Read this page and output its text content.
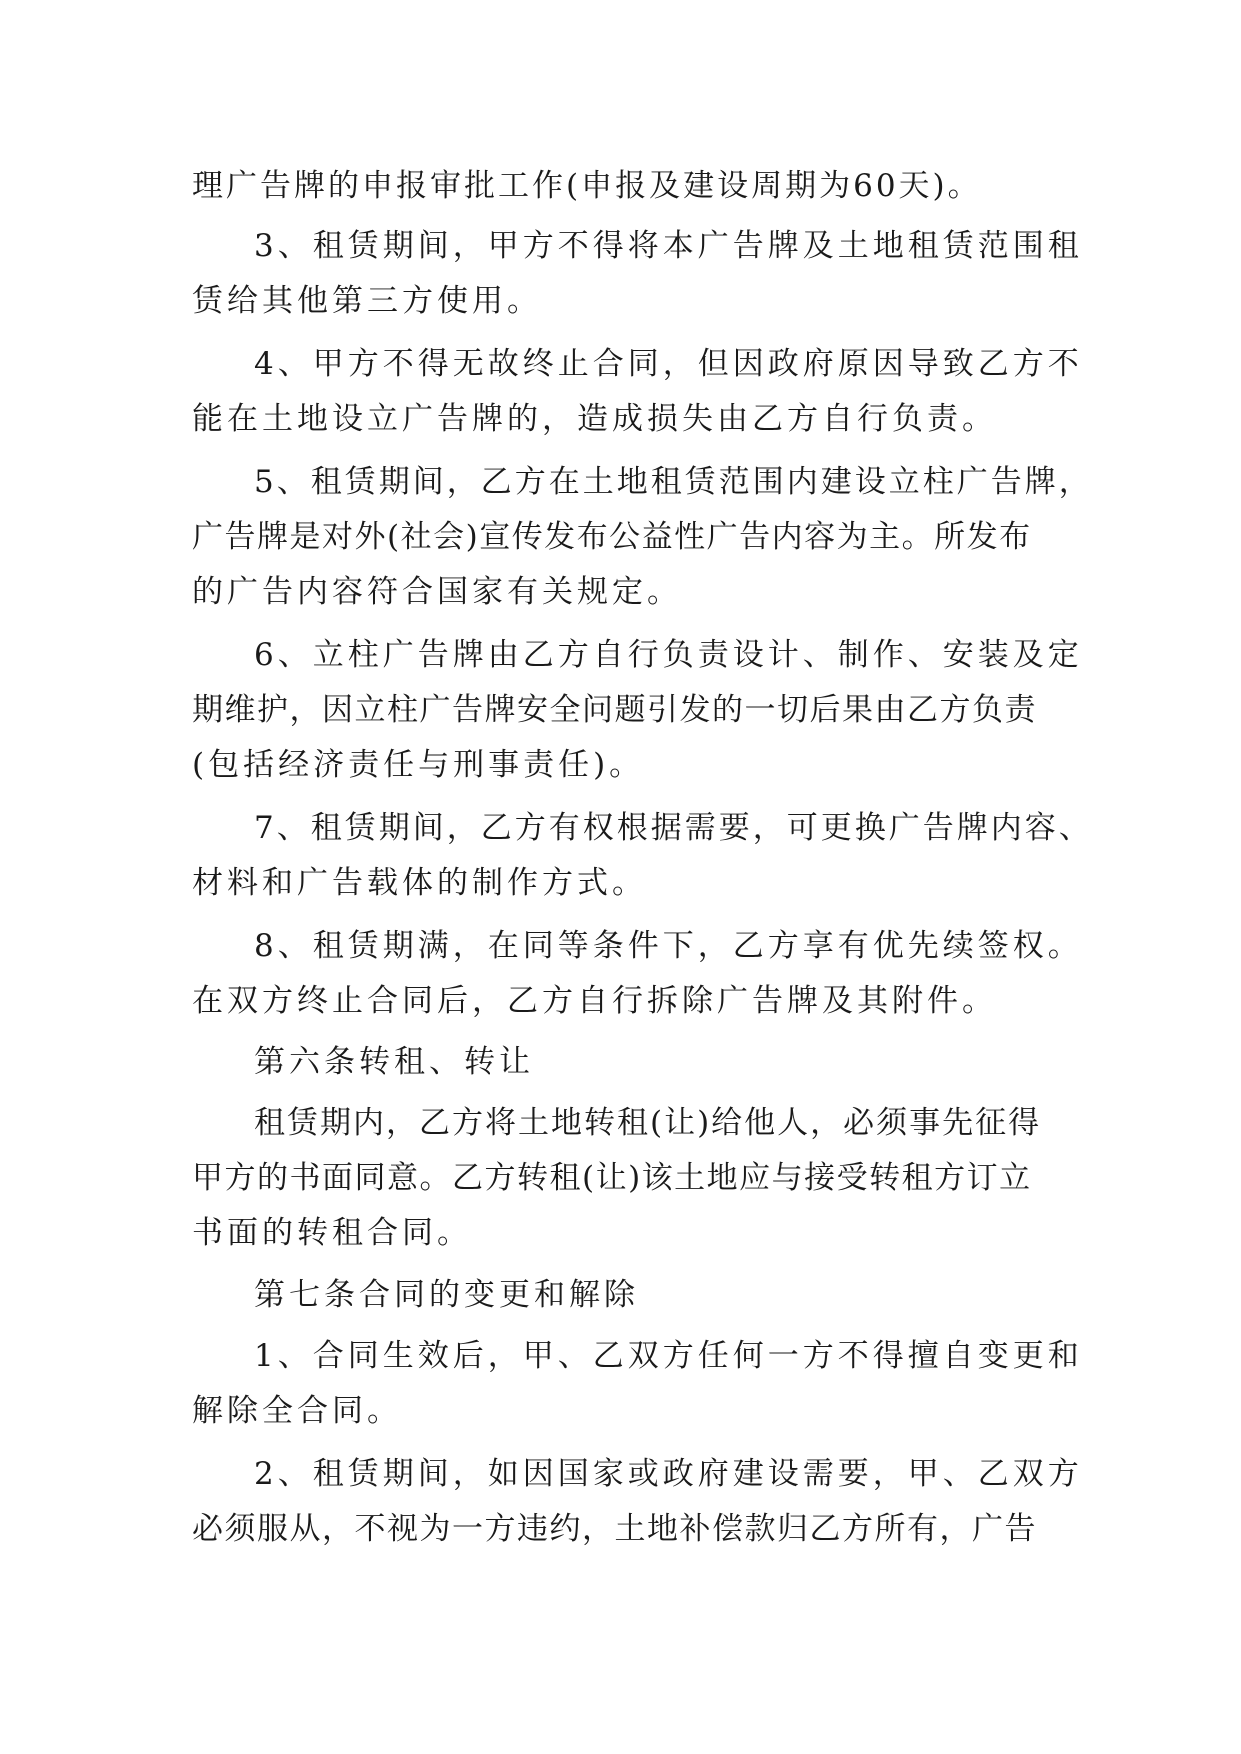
理广告牌的申报审批工作(申报及建设周期为60天)。
3、租赁期间，甲方不得将本广告牌及土地租赁范围租
赁给其他第三方使用。
4、甲方不得无故终止合同，但因政府原因导致乙方不
能在土地设立广告牌的，造成损失由乙方自行负责。
5、租赁期间，乙方在土地租赁范围内建设立柱广告牌，
广告牌是对外(社会)宣传发布公益性广告内容为主。所发布
的广告内容符合国家有关规定。
6、立柱广告牌由乙方自行负责设计、制作、安装及定
期维护，因立柱广告牌安全问题引发的一切后果由乙方负责
(包括经济责任与刑事责任)。
7、租赁期间，乙方有权根据需要，可更换广告牌内容、
材料和广告载体的制作方式。
8、租赁期满，在同等条件下，乙方享有优先续签权。
在双方终止合同后，乙方自行拆除广告牌及其附件。
第六条转租、转让
租赁期内，乙方将土地转租(让)给他人，必须事先征得
甲方的书面同意。乙方转租(让)该土地应与接受转租方订立
书面的转租合同。
第七条合同的变更和解除
1、合同生效后，甲、乙双方任何一方不得擅自变更和
解除全合同。
2、租赁期间，如因国家或政府建设需要，甲、乙双方
必须服从，不视为一方违约，土地补偿款归乙方所有，广告
